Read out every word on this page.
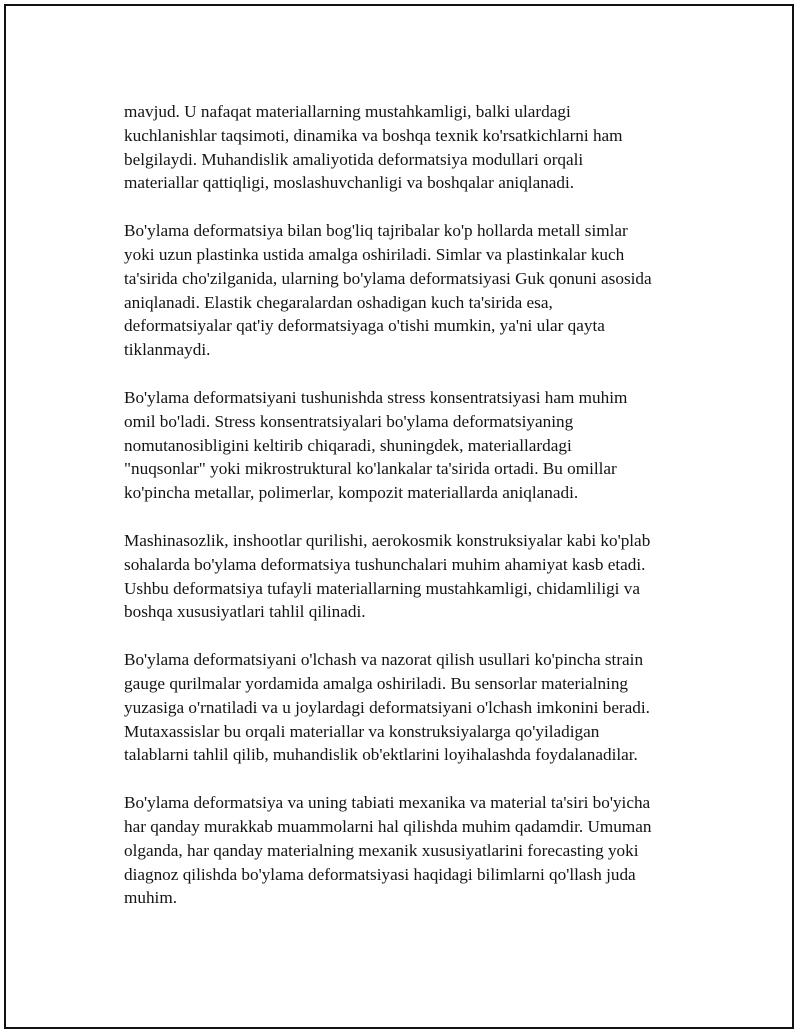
mavjud. U nafaqat materiallarning mustahkamligi, balki ulardagi
kuchlanishlar taqsimoti, dinamika va boshqa texnik ko'rsatkichlarni ham
belgilaydi. Muhandislik amaliyotida deformatsiya modullari orqali
materiallar qattiqligi, moslashuvchanligi va boshqalar aniqlanadi.

Bo'ylama deformatsiya bilan bog'liq tajribalar ko'p hollarda metall simlar
yoki uzun plastinka ustida amalga oshiriladi. Simlar va plastinkalar kuch
ta'sirida cho'zilganida, ularning bo'ylama deformatsiyasi Guk qonuni asosida
aniqlanadi. Elastik chegaralardan oshadigan kuch ta'sirida esa,
deformatsiyalar qat'iy deformatsiyaga o'tishi mumkin, ya'ni ular qayta
tiklanmaydi.

Bo'ylama deformatsiyani tushunishda stress konsentratsiyasi ham muhim
omil bo'ladi. Stress konsentratsiyalari bo'ylama deformatsiyaning
nomutanosibligini keltirib chiqaradi, shuningdek, materiallardagi
"nuqsonlar" yoki mikrostruktural ko'lankalar ta'sirida ortadi. Bu omillar
ko'pincha metallar, polimerlar, kompozit materiallarda aniqlanadi.

Mashinasozlik, inshootlar qurilishi, aerokosmik konstruksiyalar kabi ko'plab
sohalarda bo'ylama deformatsiya tushunchalari muhim ahamiyat kasb etadi.
Ushbu deformatsiya tufayli materiallarning mustahkamligi, chidamliligi va
boshqa xususiyatlari tahlil qilinadi.

Bo'ylama deformatsiyani o'lchash va nazorat qilish usullari ko'pincha strain
gauge qurilmalar yordamida amalga oshiriladi. Bu sensorlar materialning
yuzasiga o'rnatiladi va u joylardagi deformatsiyani o'lchash imkonini beradi.
Mutaxassislar bu orqali materiallar va konstruksiyalarga qo'yiladigan
talablarni tahlil qilib, muhandislik ob'ektlarini loyihalashda foydalanadilar.

Bo'ylama deformatsiya va uning tabiati mexanika va material ta'siri bo'yicha
har qanday murakkab muammolarni hal qilishda muhim qadamdir. Umuman
olganda, har qanday materialning mexanik xususiyatlarini forecasting yoki
diagnoz qilishda bo'ylama deformatsiyasi haqidagi bilimlarni qo'llash juda
muhim.
